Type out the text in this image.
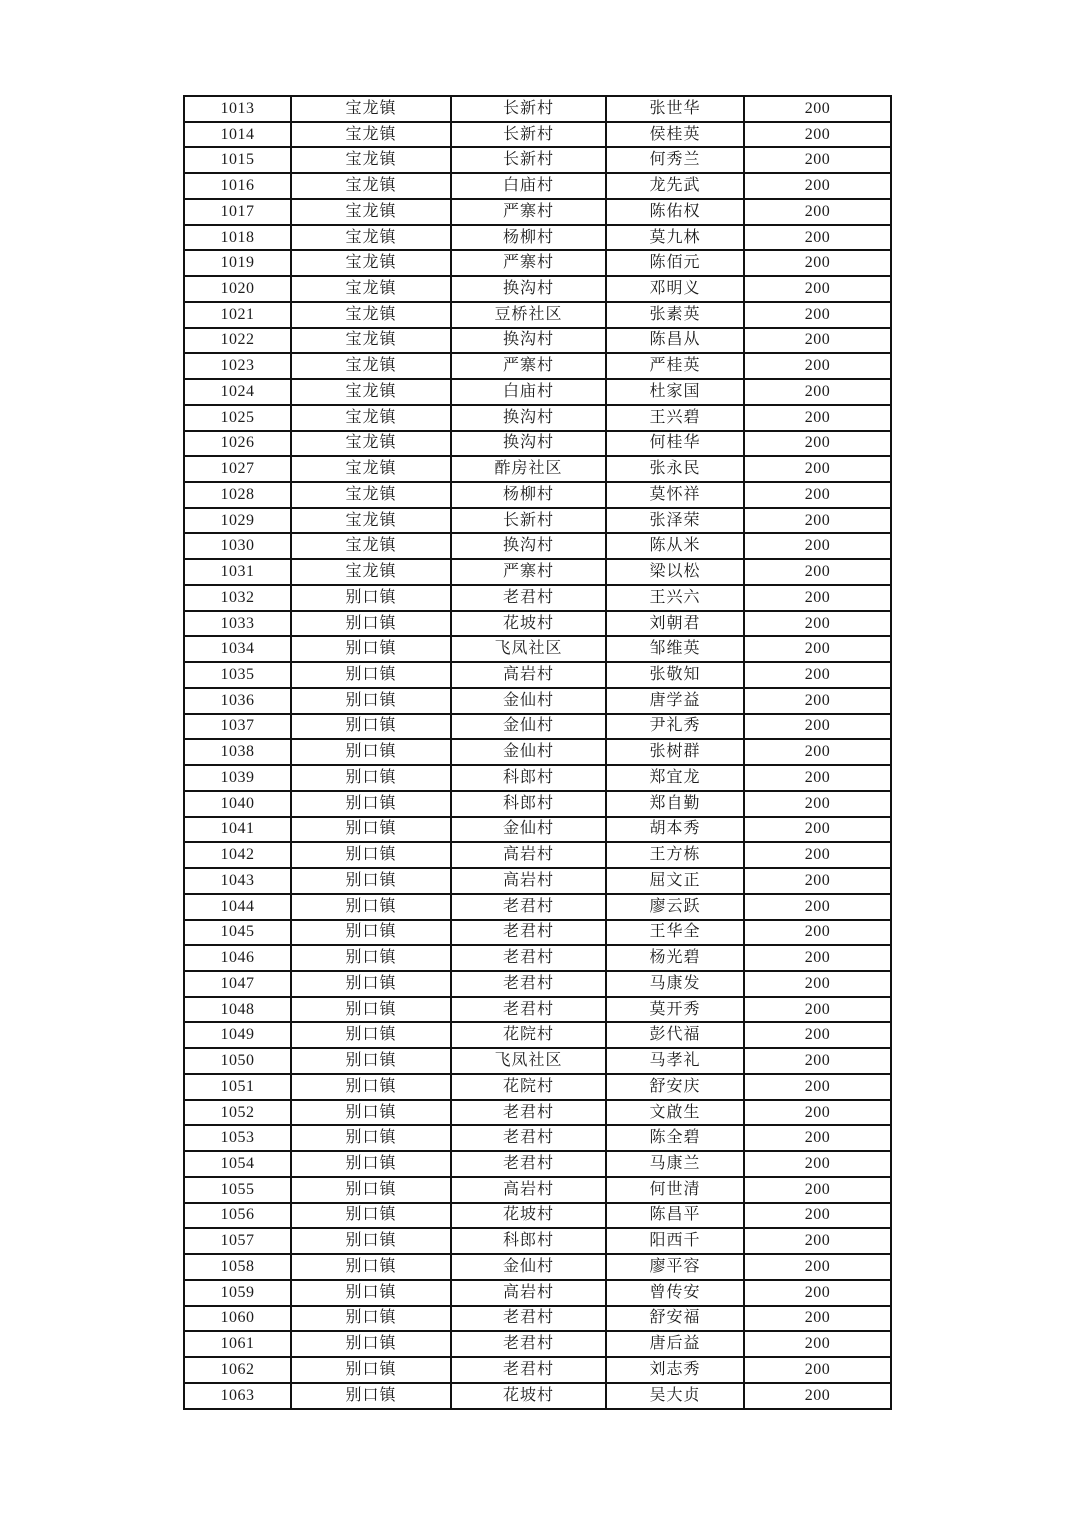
1013	宝龙镇	长新村	张世华	200
1014	宝龙镇	长新村	侯桂英	200
1015	宝龙镇	长新村	何秀兰	200
1016	宝龙镇	白庙村	龙先武	200
1017	宝龙镇	严寨村	陈佑权	200
1018	宝龙镇	杨柳村	莫九林	200
1019	宝龙镇	严寨村	陈佰元	200
1020	宝龙镇	换沟村	邓明义	200
1021	宝龙镇	豆桥社区	张素英	200
1022	宝龙镇	换沟村	陈昌从	200
1023	宝龙镇	严寨村	严桂英	200
1024	宝龙镇	白庙村	杜家国	200
1025	宝龙镇	换沟村	王兴碧	200
1026	宝龙镇	换沟村	何桂华	200
1027	宝龙镇	酢房社区	张永民	200
1028	宝龙镇	杨柳村	莫怀祥	200
1029	宝龙镇	长新村	张泽荣	200
1030	宝龙镇	换沟村	陈从米	200
1031	宝龙镇	严寨村	梁以松	200
1032	别口镇	老君村	王兴六	200
1033	别口镇	花坡村	刘朝君	200
1034	别口镇	飞凤社区	邹维英	200
1035	别口镇	高岩村	张敬知	200
1036	别口镇	金仙村	唐学益	200
1037	别口镇	金仙村	尹礼秀	200
1038	别口镇	金仙村	张树群	200
1039	别口镇	科郎村	郑宜龙	200
1040	别口镇	科郎村	郑自勤	200
1041	别口镇	金仙村	胡本秀	200
1042	别口镇	高岩村	王方栋	200
1043	别口镇	高岩村	屈文正	200
1044	别口镇	老君村	廖云跃	200
1045	别口镇	老君村	王华全	200
1046	别口镇	老君村	杨光碧	200
1047	别口镇	老君村	马康发	200
1048	别口镇	老君村	莫开秀	200
1049	别口镇	花院村	彭代福	200
1050	别口镇	飞凤社区	马孝礼	200
1051	别口镇	花院村	舒安庆	200
1052	别口镇	老君村	文啟生	200
1053	别口镇	老君村	陈全碧	200
1054	别口镇	老君村	马康兰	200
1055	别口镇	高岩村	何世清	200
1056	别口镇	花坡村	陈昌平	200
1057	别口镇	科郎村	阳西千	200
1058	别口镇	金仙村	廖平容	200
1059	别口镇	高岩村	曾传安	200
1060	别口镇	老君村	舒安福	200
1061	别口镇	老君村	唐后益	200
1062	别口镇	老君村	刘志秀	200
1063	别口镇	花坡村	吴大贞	200
